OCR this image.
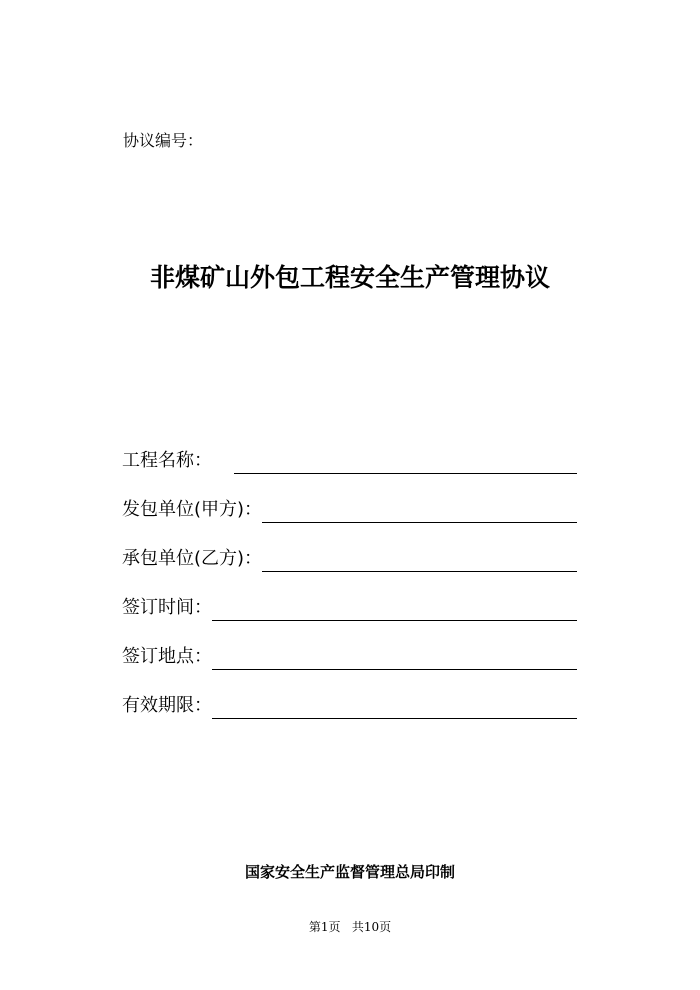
协议编号：
非煤矿山外包工程安全生产管理协议
工程名称：
发包单位(甲方)：
承包单位(乙方)：
签订时间：
签订地点：
有效期限：
国家安全生产监督管理总局印制
第1页   共10页
